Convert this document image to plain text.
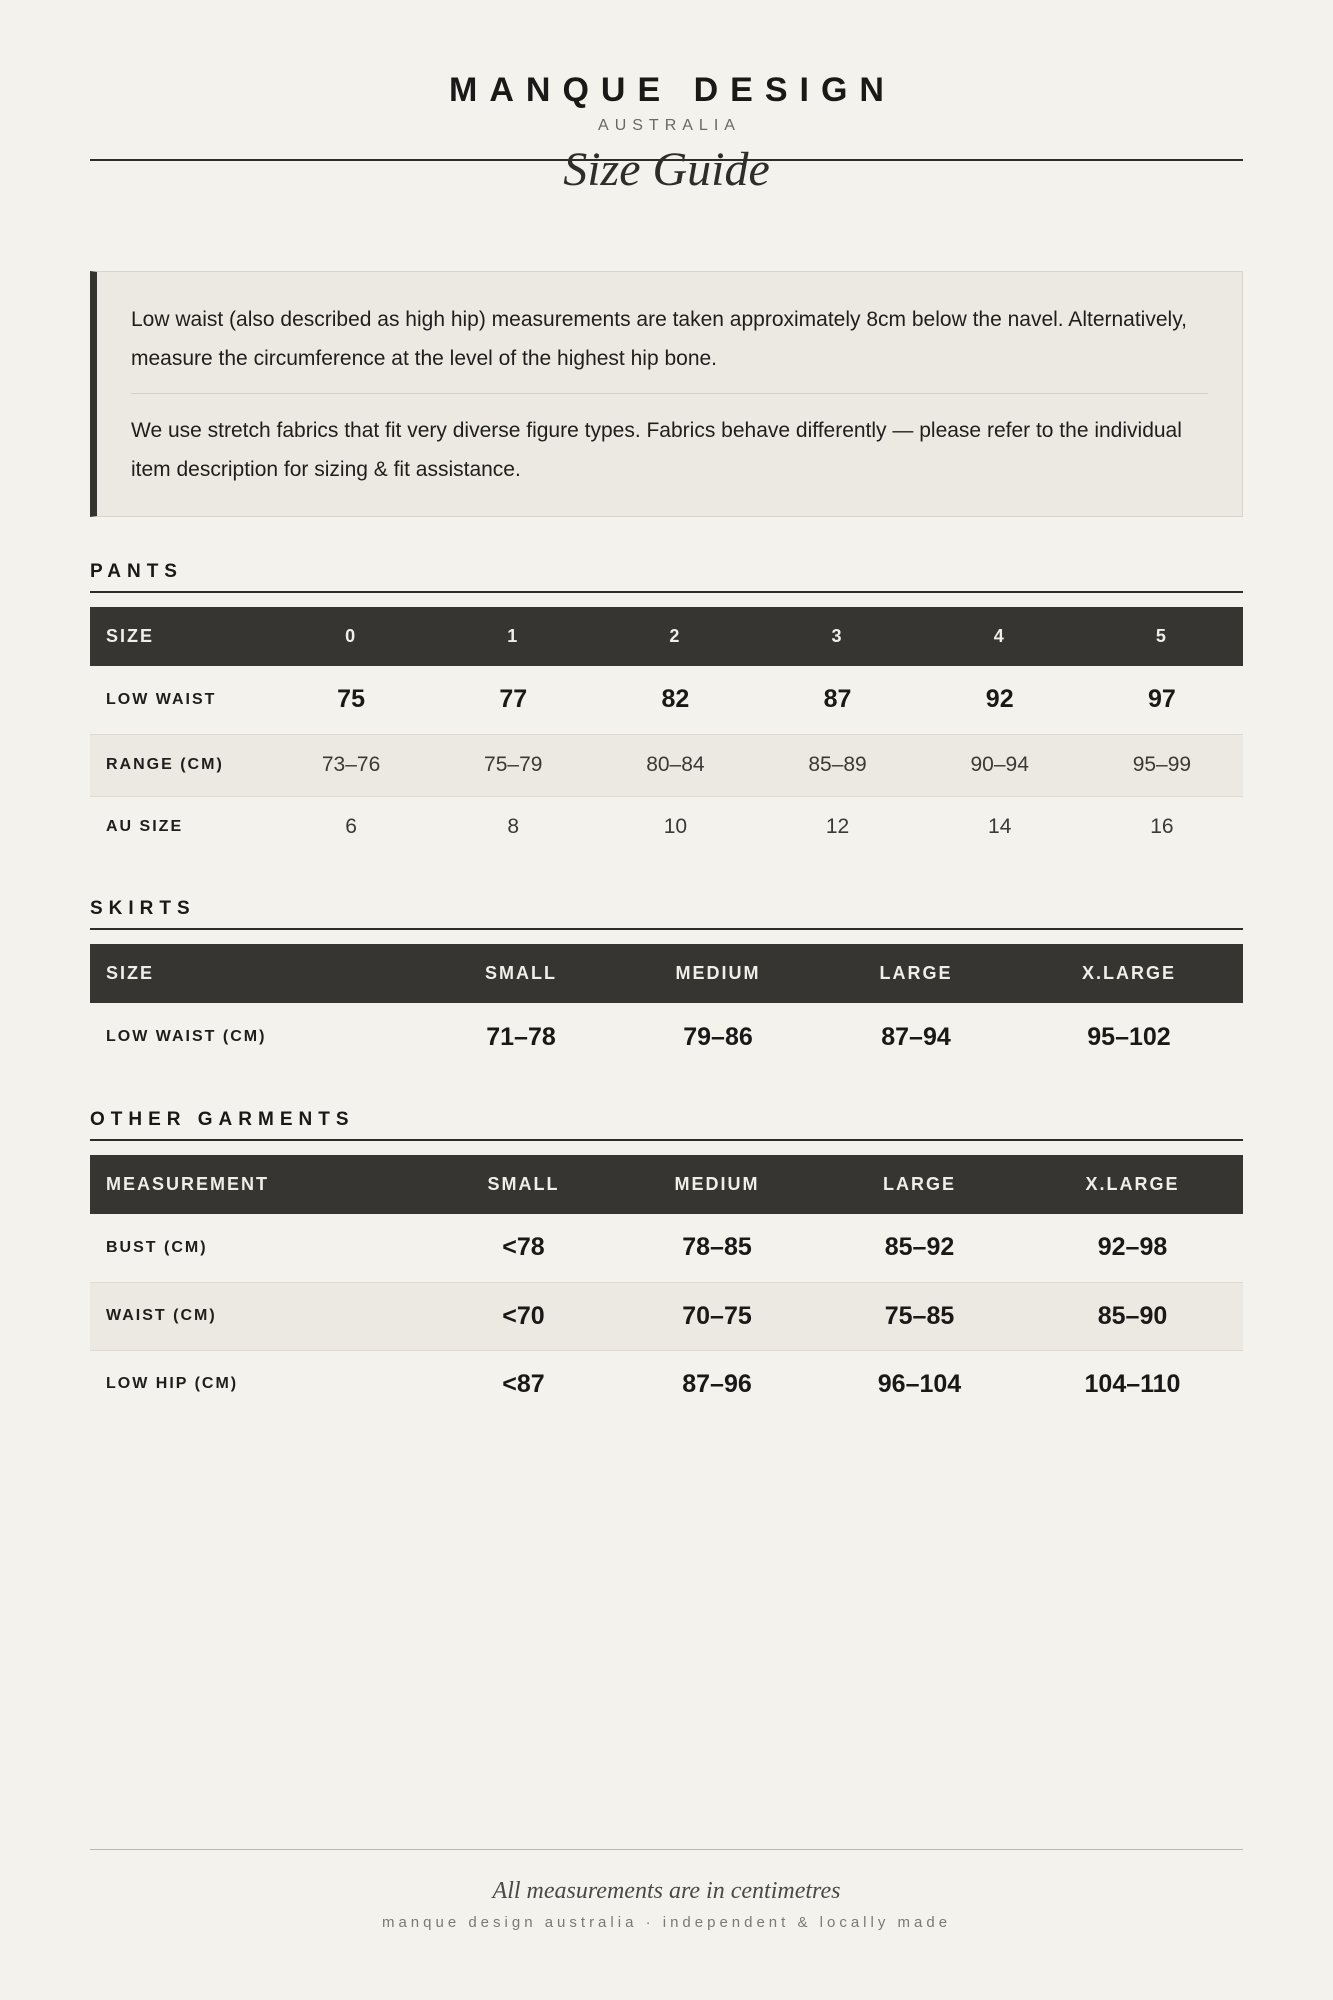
MANQUE DESIGN
AUSTRALIA
Size Guide

Low waist (also described as high hip) measurements are taken approximately 8cm below the navel. Alternatively, measure the circumference at the level of the highest hip bone.

We use stretch fabrics that fit very diverse figure types. Fabrics behave differently — please refer to the individual item description for sizing & fit assistance.

PANTS
SIZE	0	1	2	3	4	5
LOW WAIST	75	77	82	87	92	97
RANGE (CM)	73–76	75–79	80–84	85–89	90–94	95–99
AU SIZE	6	8	10	12	14	16
SKIRTS
SIZE	SMALL	MEDIUM	LARGE	X.LARGE
LOW WAIST (CM)	71–78	79–86	87–94	95–102
OTHER GARMENTS
MEASUREMENT	SMALL	MEDIUM	LARGE	X.LARGE
BUST (CM)	<78	78–85	85–92	92–98
WAIST (CM)	<70	70–75	75–85	85–90
LOW HIP (CM)	<87	87–96	96–104	104–110
All measurements are in centimetres
manque design australia · independent & locally made
